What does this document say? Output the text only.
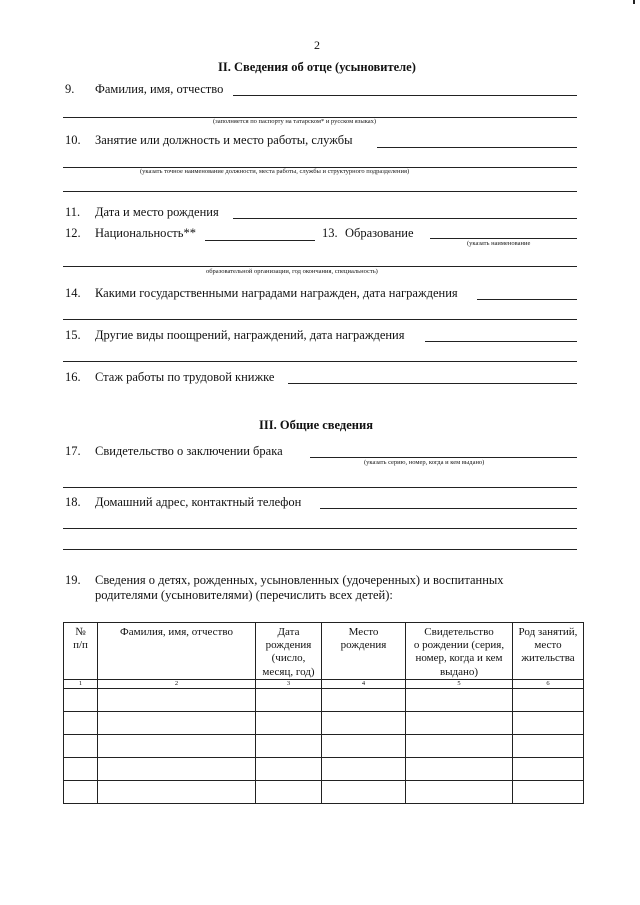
2
II. Сведения об отце (усыновителе)
9. Фамилия, имя, отчество
(заполняется по паспорту на татарском* и русском языках)
10. Занятие или должность и место работы, службы
(указать точное наименование должности, места работы, службы и структурного подразделения)
11. Дата и место рождения
12. Национальность**	13. Образование
(указать наименование
образовательной организации, год окончания, специальность)
14. Какими государственными наградами награжден, дата награждения
15. Другие виды поощрений, награждений, дата награждения
16. Стаж работы по трудовой книжке
III. Общие сведения
17. Свидетельство о заключении брака
(указать серию, номер, когда и кем выдано)
18. Домашний адрес, контактный телефон
19. Сведения о детях, рожденных, усыновленных (удочеренных) и воспитанных
родителями (усыновителями) (перечислить всех детей):
№
п/п	Фамилия, имя, отчество	Дата
рождения
(число,
месяц, год)	Место
рождения	Свидетельство
о рождении (серия,
номер, когда и кем
выдано)	Род занятий,
место
жительства
1	2	3	4	5	6
